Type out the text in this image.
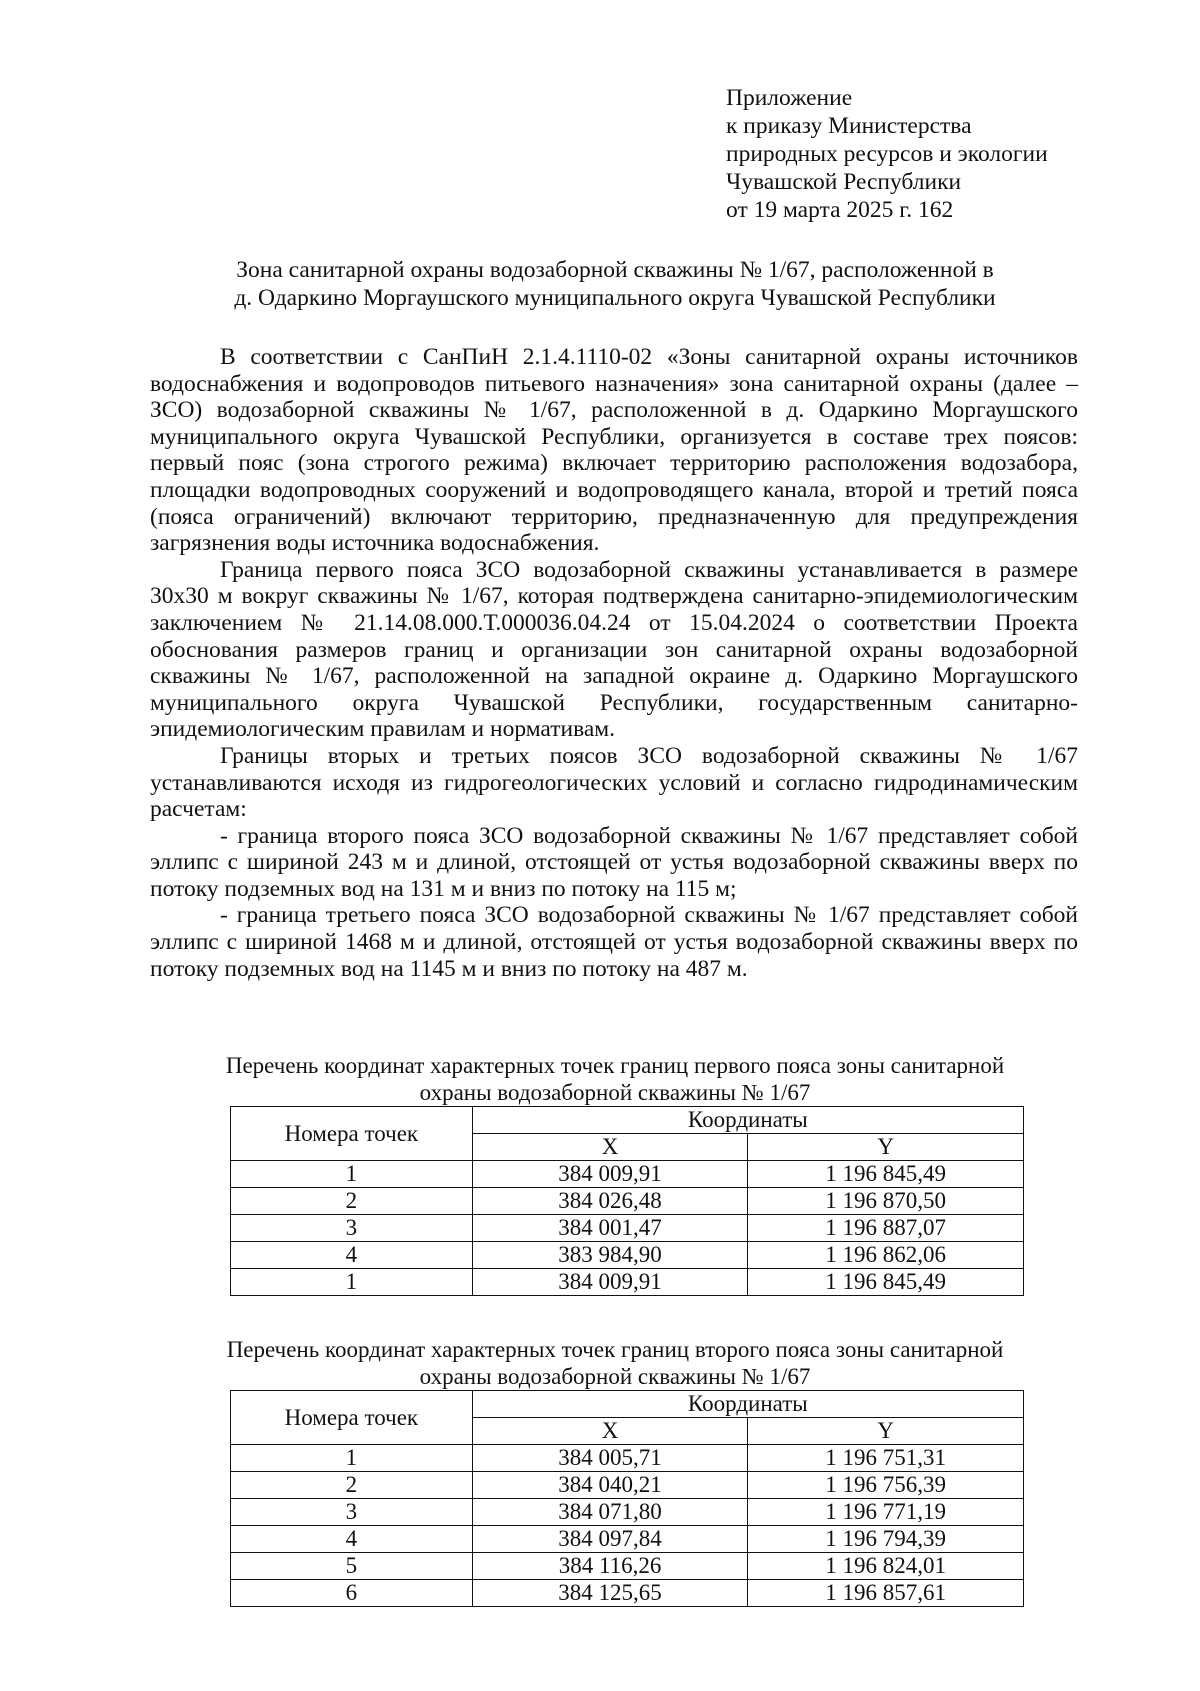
Приложение
к приказу Министерства
природных ресурсов и экологии
Чувашской Республики
от 19 марта 2025 г. 162
Зона санитарной охраны водозаборной скважины № 1/67, расположенной в
д. Одаркино Моргаушского муниципального округа Чувашской Республики

В соответствии с СанПиН 2.1.4.1110-02 «Зоны санитарной охраны источников водоснабжения и водопроводов питьевого назначения» зона санитарной охраны (далее – ЗСО) водозаборной скважины № 1/67, расположенной в д. Одаркино Моргаушского муниципального округа Чувашской Республики, организуется в составе трех поясов: первый пояс (зона строгого режима) включает территорию расположения водозабора, площадки водопроводных сооружений и водопроводящего канала, второй и третий пояса (пояса ограничений) включают территорию, предназначенную для предупреждения загрязнения воды источника водоснабжения.

Граница первого пояса ЗСО водозаборной скважины устанавливается в размере 30х30 м вокруг скважины № 1/67, которая подтверждена санитарно-эпидемиологическим заключением № 21.14.08.000.Т.000036.04.24 от 15.04.2024 о соответствии Проекта обоснования размеров границ и организации зон санитарной охраны водозаборной скважины № 1/67, расположенной на западной окраине д. Одаркино Моргаушского муниципального округа Чувашской Республики, государственным санитарно-эпидемиологическим правилам и нормативам.

Границы вторых и третьих поясов ЗСО водозаборной скважины № 1/67 устанавливаются исходя из гидрогеологических условий и согласно гидродинамическим расчетам:

- граница второго пояса ЗСО водозаборной скважины № 1/67 представляет собой эллипс с шириной 243 м и длиной, отстоящей от устья водозаборной скважины вверх по потоку подземных вод на 131 м и вниз по потоку на 115 м;

- граница третьего пояса ЗСО водозаборной скважины № 1/67 представляет собой эллипс с шириной 1468 м и длиной, отстоящей от устья водозаборной скважины вверх по потоку подземных вод на 1145 м и вниз по потоку на 487 м.

Перечень координат характерных точек границ первого пояса зоны санитарной
охраны водозаборной скважины № 1/67
Номера точек	Координаты	
	X	Y
1	384 009,91	1 196 845,49
2	384 026,48	1 196 870,50
3	384 001,47	1 196 887,07
4	383 984,90	1 196 862,06
1	384 009,91	1 196 845,49
Перечень координат характерных точек границ второго пояса зоны санитарной
охраны водозаборной скважины № 1/67
Номера точек	Координаты	
	X	Y
1	384 005,71	1 196 751,31
2	384 040,21	1 196 756,39
3	384 071,80	1 196 771,19
4	384 097,84	1 196 794,39
5	384 116,26	1 196 824,01
6	384 125,65	1 196 857,61
